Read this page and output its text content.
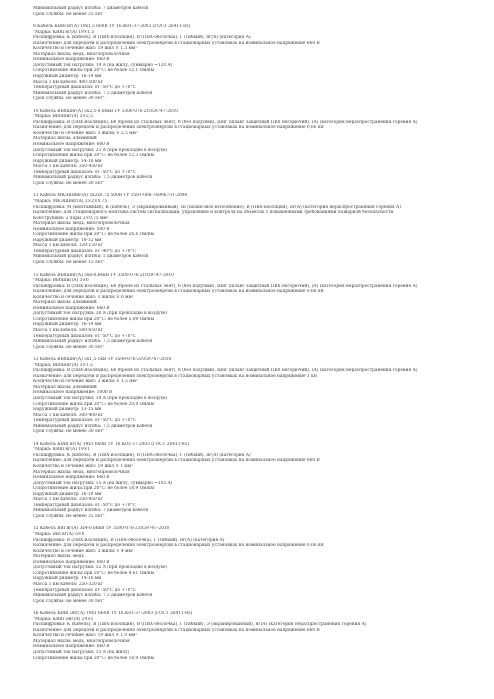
Минимальный радиус изгиба: 7 диаметров кабеля
Срок службы: не менее 25 лет
9 Кабель КВВГнг(А) 19х1,5 660В ТУ 16.К01-37-2003 (ГОСТ 26411-85)
"Марка: КВВГнг(А) 19×1,5
Расшифровка: К (кабель), В (ПВХ-изоляция), В (ПВХ-оболочка), Г (гибкий), нг(А) (категория А)
Назначение: для передачи и распределения электроэнергии в стационарных установках на номинальное напряжение 660 В
Количество и сечение жил: 19 жил × 1,5 мм²
Материал жилы: медь, многопроволочная
Номинальное напряжение: 660 В
Допустимый ток нагрузки: 19 А (на жилу, суммарно ~120 А)
Сопротивление жилы при 20°C: не более 12,1 Ом/км
Наружный диаметр: 16-19 мм
Масса 1 км кабеля: 400-500 кг
Температурный диапазон: от -50°C до +70°C
Минимальный радиус изгиба: 7,5 диаметров кабеля
Срок службы: не менее 30 лет"
10 Кабель ВБбШнг(А) 3х2,5-0,66кВ ТУ 3500-076-21059747-2010
"Марка: ВБбШнг(А) 3×2,5
Расшифровка: В (ПВХ-изоляция), Бб (броня из стальных лент), б (без подушки), Шнг (шланг защитный ПВХ негорючий), (А) (категория нераспространения горения А)
Назначение: для передачи и распределения электроэнергии в стационарных установках на номинальное напряжение 0,66 кВ
Количество и сечение жил: 3 жилы × 2,5 мм²
Материал жилы: алюминий
Номинальное напряжение: 660 В
Допустимый ток нагрузки: 25 А (при прокладке в воздухе)
Сопротивление жилы при 20°C: не более 12,3 Ом/км
Наружный диаметр: 14-16 мм
Масса 1 км кабеля: 350-450 кг
Температурный диапазон: от -50°C до +70°C
Минимальный радиус изгиба: 7,5 диаметров кабеля
Срок службы: не менее 30 лет"
11 Кабель МКЭШВнг(А) 2х2х0,75 500В ТУ 3581-006-76906731-2008
"Марка: МКЭШВнг(А) 2×2×0,75
Расшифровка: М (монтажный), К (кабель), Э (экранированный), Ш (шланговое исполнение), В (ПВХ-изоляция), нг(А) (категория нераспространения горения А)
Назначение: для стационарного монтажа систем сигнализации, управления и контроля на объектах с повышенными требованиями пожарной безопасности
Конструкция: 2 пары 2×0,75 мм²
Материал жилы: медь, многопроволочная
Номинальное напряжение: 500 В
Сопротивление жилы при 20°C: не более 26,6 Ом/км
Наружный диаметр: 10-12 мм
Масса 1 км кабеля: 120-150 кг
Температурный диапазон: от -40°C до +70°C
Минимальный радиус изгиба: 5 диаметров кабеля
Срок службы: не менее 15 лет"
12 Кабель ВБбШнг(А) 3х6-0,66кВ ТУ 3500-076-21059747-2010
"Марка: ВБбШнг(А) 3×6
Расшифровка: В (ПВХ-изоляция), Бб (броня из стальных лент), б (без подушки), Шнг (шланг защитный ПВХ негорючий), (А) (категория нераспространения горения А)
Назначение: для передачи и распределения электроэнергии в стационарных установках на номинальное напряжение 0,66 кВ
Количество и сечение жил: 3 жилы × 6 мм²
Материал жилы: алюминий
Номинальное напряжение: 660 В
Допустимый ток нагрузки: 38 А (при прокладке в воздухе)
Сопротивление жилы при 20°C: не более 5,09 Ом/км
Наружный диаметр: 16-19 мм
Масса 1 км кабеля: 500-650 кг
Температурный диапазон: от -50°C до +70°C
Минимальный радиус изгиба: 7,5 диаметров кабеля
Срок службы: не менее 30 лет"
13 Кабель ВБбШнг(А) 3х1,5-1кВ ТУ 3500-076-21059747-2010
"Марка: ВБбШнг(А) 3×1,5
Расшифровка: В (ПВХ-изоляция), Бб (броня из стальных лент), б (без подушки), Шнг (шланг защитный ПВХ негорючий), (А) (категория нераспространения горения А)
Назначение: для передачи и распределения электроэнергии в стационарных установках на номинальное напряжение 1 кВ
Количество и сечение жил: 3 жилы × 1,5 мм²
Материал жилы: алюминий
Номинальное напряжение: 1000 В
Допустимый ток нагрузки: 19 А (при прокладке в воздухе)
Сопротивление жилы при 20°C: не более 20,0 Ом/км
Наружный диаметр: 13-15 мм
Масса 1 км кабеля: 300-400 кг
Температурный диапазон: от -50°C до +70°C
Минимальный радиус изгиба: 7,5 диаметров кабеля
Срок службы: не менее 30 лет"
14 Кабель КВВГнг(А) 19х1 660В ТУ 16.К01-37-2003 (ГОСТ 26411-85)
"Марка: КВВГнг(А) 19×1
Расшифровка: К (кабель), В (ПВХ-изоляция), В (ПВХ-оболочка), Г (гибкий), нг(А) (категория А)
Назначение: для передачи и распределения электроэнергии в стационарных установках на номинальное напряжение 660 В
Количество и сечение жил: 19 жил × 1 мм²
Материал жилы: медь, многопроволочная
Номинальное напряжение: 660 В
Допустимый ток нагрузки: 15 А (на жилу, суммарно ~105 А)
Сопротивление жилы при 20°C: не более 18,9 Ом/км
Наружный диаметр: 16-19 мм
Масса 1 км кабеля: 350-450 кг
Температурный диапазон: от -50°C до +70°C
Минимальный радиус изгиба: 7 диаметров кабеля
Срок службы: не менее 25 лет"
15 Кабель ВВГнг(А) 3х4-0,66кВ ТУ 3500-076-21059747-2010
"Марка: ВВГнг(А) 3×4
Расшифровка: В (ПВХ-изоляция), В (ПВХ-оболочка), Г (гибкий), нг(А) (категория А)
Назначение: для передачи и распределения электроэнергии в стационарных установках на номинальное напряжение 0,66 кВ
Количество и сечение жил: 3 жилы × 4 мм²
Материал жилы: медь
Номинальное напряжение: 660 В
Допустимый ток нагрузки: 32 А (при прокладке в воздухе)
Сопротивление жилы при 20°C: не более 4,61 Ом/км
Наружный диаметр: 14-16 мм
Масса 1 км кабеля: 250-320 кг
Температурный диапазон: от -50°C до +70°C
Минимальный радиус изгиба: 7,5 диаметров кабеля
Срок службы: не менее 30 лет"
16 Кабель КВВГЭнг(А) 19х1 660В ТУ 16.К01-37-2003 (ГОСТ 26411-85)
"Марка: КВВГЭнг(А) 19×1
Расшифровка: К (кабель), В (ПВХ-изоляция), В (ПВХ-оболочка), Г (гибкий), Э (экранированный), нг(А) (категория нераспространения горения А)
Назначение: для передачи и распределения электроэнергии в стационарных установках на номинальное напряжение 660 В
Количество и сечение жил: 19 жил × 1,0 мм²
Материал жилы: медь, многопроволочная
Номинальное напряжение: 660 В
Допустимый ток нагрузки: 15 А (на жилу)
Сопротивление жилы при 20°C: не более 18,9 Ом/км
